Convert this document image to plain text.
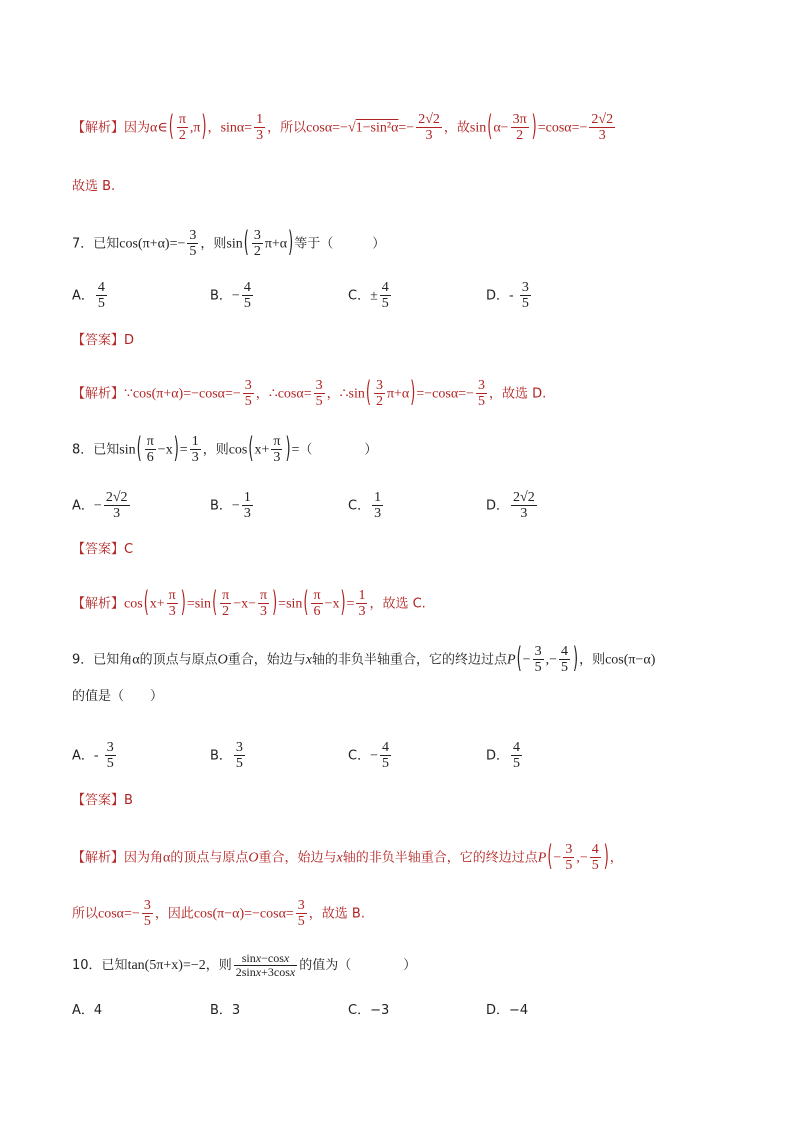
【解析】因为α∈( $\frac{\pi}{2} ,\pi$)，$\sin\alpha= \frac{1}{3}$ ，所以$\cos\alpha=-√1-\sin^2\alpha=- \frac{2√2}{3}$ ，故$\sin(\alpha- \frac{3\pi}{2} )=\cos\alpha=- \frac{2√2}{3}$
故选 B.
7．已知$\cos(\pi+\alpha)=- \frac{3}{5}$ ，则$\sin( \frac{3}{2} \pi+\alpha)$等于（　　　）
A． $\frac{4}{5}$	B．− $\frac{4}{5}$	C．± $\frac{4}{5}$	D．- $\frac{3}{5}$
【答案】D
【解析】∵cos(π+α)=−cosα=− $\frac{3}{5}$ ，∴cosα= $\frac{3}{5}$ ，∴sin( $\frac{3}{2} \pi+\alpha)=-\cos\alpha=- \frac{3}{5}$ ，故选 D.
8．已知$\sin( \frac{\pi}{6} -x)= \frac{1}{3}$ ，则$\cos(x+ \frac{\pi}{3}$ )=（　　　　）
A．− $\frac{2√2}{3}$	B．− $\frac{1}{3}$	C． $\frac{1}{3}$	D． $\frac{2√2}{3}$
【答案】C
【解析】$\cos(x+ \frac{\pi}{3} )=\sin( \frac{\pi}{2} -x- \frac{\pi}{3} )=\sin( \frac{\pi}{6} -x)= \frac{1}{3}$ ，故选 C.
9．已知角α的顶点与原点O重合，始边与x轴的非负半轴重合，它的终边过点$P(- \frac{3}{5}$ ,− $\frac{4}{5}$ )，则cos(π−α)
的值是（　　）
A．- $\frac{3}{5}$	B． $\frac{3}{5}$	C．− $\frac{4}{5}$	D． $\frac{4}{5}$
【答案】B
【解析】因为角α的顶点与原点O重合，始边与x轴的非负半轴重合，它的终边过点$P(- \frac{3}{5}$ ,− $\frac{4}{5}$ )，
所以$\cos\alpha=- \frac{3}{5}$ ，因此$\cos(\pi-\alpha)=-\cos\alpha= \frac{3}{5}$ ，故选 B.
10．已知tan(5π+x)=−2，则 $\frac{\sin x-\cos x}{2\sin x+3\cos x}$ 的值为（　　　　）
A．4	B．3	C．−3	D．−4
